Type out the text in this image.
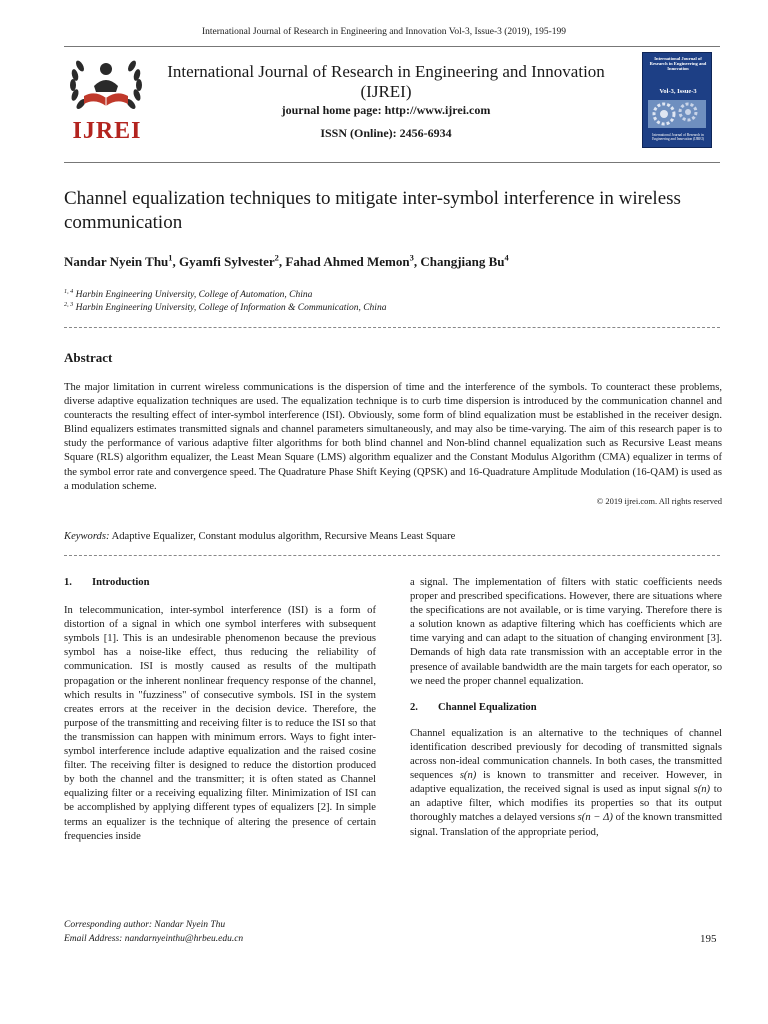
International Journal of Research in Engineering and Innovation Vol-3, Issue-3 (2019), 195-199
IJREI
International Journal of Research in Engineering and Innovation
(IJREI)
journal home page: http://www.ijrei.com
ISSN (Online): 2456-6934
International Journal of Research in Engineering and Innovation
Vol-3, Issue-3
International Journal of Research in Engineering and Innovation (IJREI)
Channel equalization techniques to mitigate inter-symbol interference in wireless communication
Nandar Nyein Thu$^1$, Gyamfi Sylvester$^2$, Fahad Ahmed Memon$^3$, Changjiang Bu$^4$
$^{1, 4}$ Harbin Engineering University, College of Automation, China
$^{2, 3}$ Harbin Engineering University, College of Information & Communication, China
Abstract
The major limitation in current wireless communications is the dispersion of time and the interference of the symbols. To counteract these problems, diverse adaptive equalization techniques are used. The equalization technique is to curb time dispersion is introduced by the communication channel and counteracts the resulting effect of inter-symbol interference (ISI). Obviously, some form of blind equalization must be established in the receiver design. Blind equalizers estimates transmitted signals and channel parameters simultaneously, and may also be time-varying. The aim of this research paper is to study the performance of various adaptive filter algorithms for both blind channel and Non-blind channel equalization such as Recursive Least means Square (RLS) algorithm equalizer, the Least Mean Square (LMS) algorithm equalizer and the Constant Modulus Algorithm (CMA) equalizer in terms of the symbol error rate and convergence speed. The Quadrature Phase Shift Keying (QPSK) and 16-Quadrature Amplitude Modulation (16-QAM) is used as a modulation scheme.
© 2019 ijrei.com. All rights reserved
Keywords: Adaptive Equalizer, Constant modulus algorithm, Recursive Means Least Square
1. Introduction

In telecommunication, inter-symbol interference (ISI) is a form of distortion of a signal in which one symbol interferes with subsequent symbols [1]. This is an undesirable phenomenon because the previous symbol has a noise-like effect, thus reducing the reliability of communication. ISI is mostly caused as results of the multipath propagation or the inherent nonlinear frequency response of the channel, which results in "fuzziness" of consecutive symbols. ISI in the system creates errors at the receiver in the decision device. Therefore, the purpose of the transmitting and receiving filter is to reduce the ISI so that the transmission can happen with minimum errors. Ways to fight inter-symbol interference include adaptive equalization and the raised cosine filter. The receiving filter is designed to reduce the distortion produced by both the channel and the transmitter; it is often stated as Channel equalizing filter or a receiving equalizing filter. Minimization of ISI can be accomplished by applying different types of equalizers [2]. In simple terms an equalizer is the technique of altering the presence of certain frequencies inside

a signal. The implementation of filters with static coefficients needs proper and prescribed specifications. However, there are situations where the specifications are not available, or is time varying. Therefore there is a solution known as adaptive filtering which has coefficients which are time varying and can adapt to the situation of changing environment [3]. Demands of high data rate transmission with an acceptable error in the presence of available bandwidth are the main targets for each operator, so we need the proper channel equalization.

2. Channel Equalization

Channel equalization is an alternative to the techniques of channel identification described previously for decoding of transmitted signals across non-ideal communication channels. In both cases, the transmitted sequences s(n) is known to transmitter and receiver. However, in adaptive equalization, the received signal is used as input signal s(n) to an adaptive filter, which modifies its properties so that its output thoroughly matches a delayed versions s(n − Δ) of the known transmitted signal. Translation of the appropriate period,

Corresponding author: Nandar Nyein Thu
Email Address: nandarnyeinthu@hrbeu.edu.cn	195
